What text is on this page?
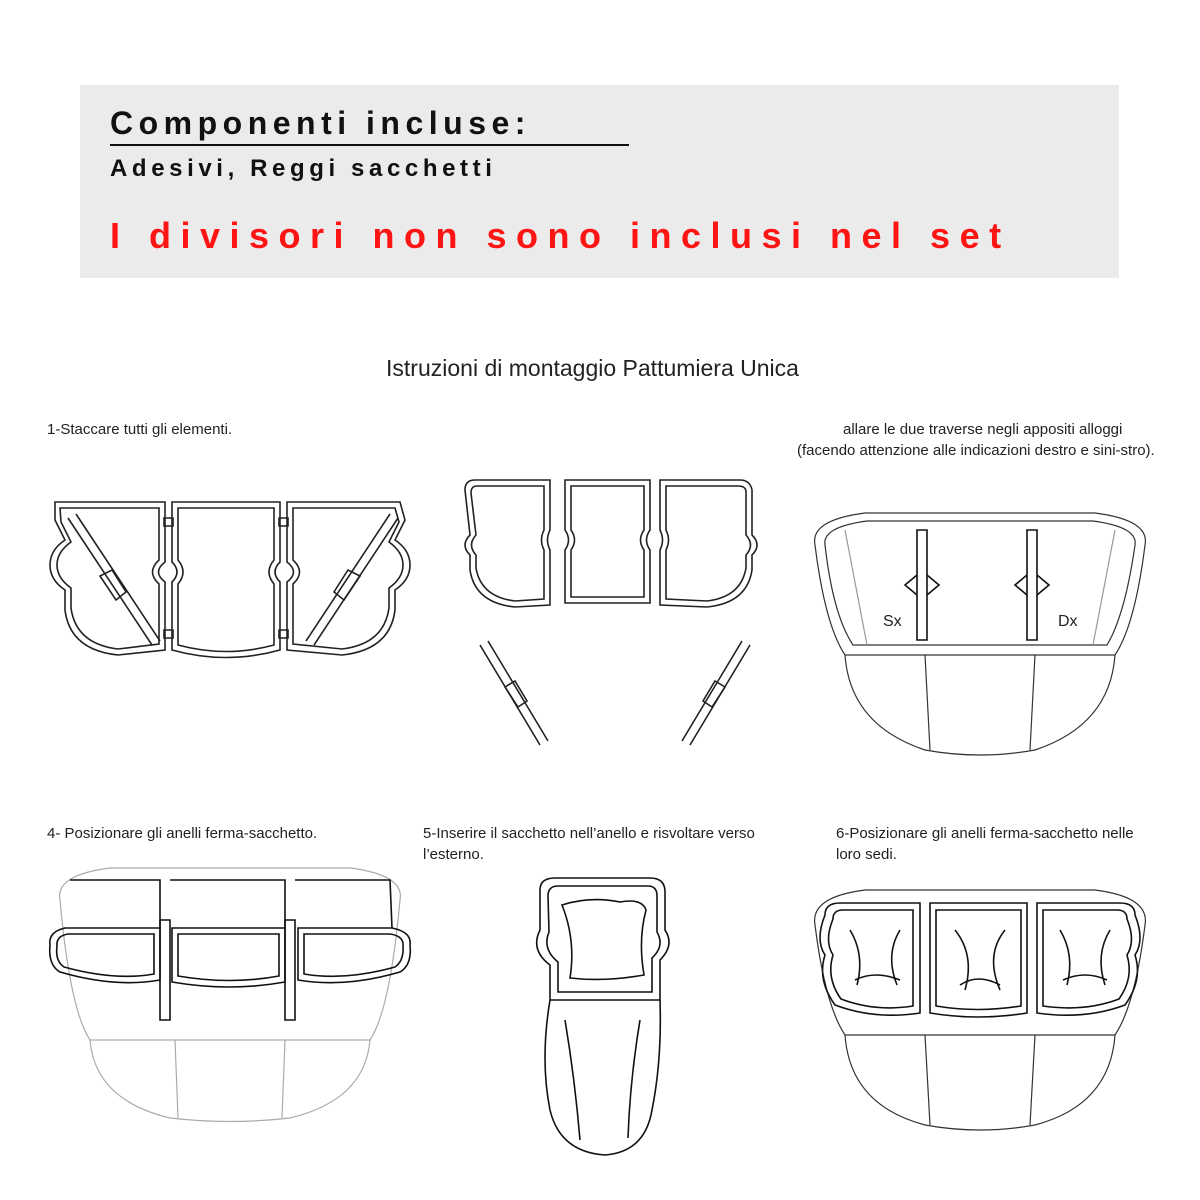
Componenti incluse:
Adesivi, Reggi sacchetti
I divisori non sono inclusi nel set
Istruzioni di montaggio Pattumiera Unica
1-Staccare tutti gli elementi.	allare le due traverse negli appositi alloggi (facendo attenzione alle indicazioni destro e sini-stro).
4- Posizionare gli anelli ferma-sacchetto.	5-Inserire il sacchetto nell’anello e risvoltare verso l’esterno.
6-Posizionare gli anelli ferma-sacchetto nelle loro sedi.
Sx	Dx
